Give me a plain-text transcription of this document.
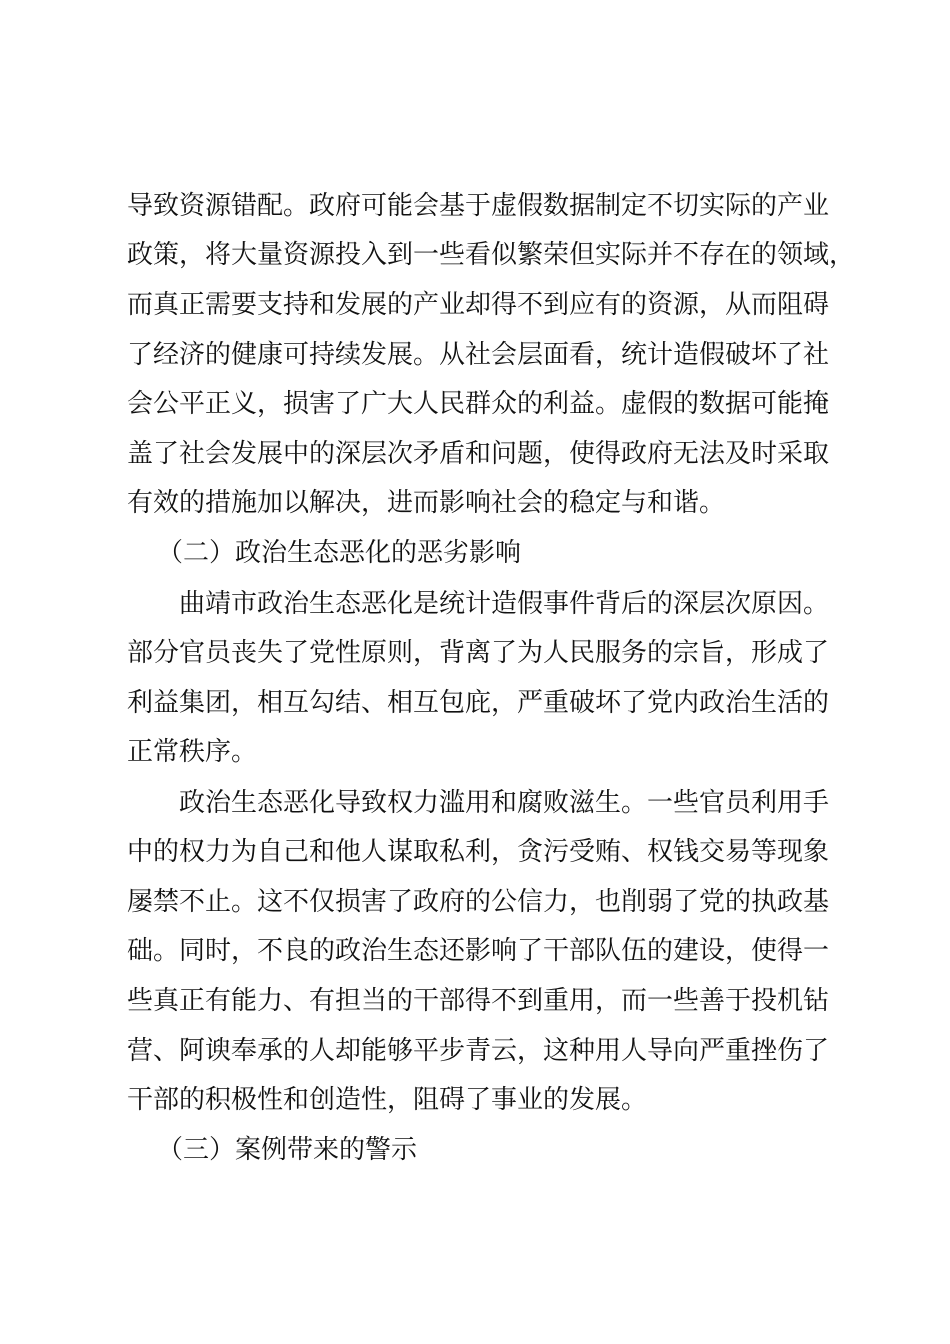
导致资源错配。政府可能会基于虚假数据制定不切实际的产业
政策，将大量资源投入到一些看似繁荣但实际并不存在的领域，
而真正需要支持和发展的产业却得不到应有的资源，从而阻碍
了经济的健康可持续发展。从社会层面看，统计造假破坏了社
会公平正义，损害了广大人民群众的利益。虚假的数据可能掩
盖了社会发展中的深层次矛盾和问题，使得政府无法及时采取
有效的措施加以解决，进而影响社会的稳定与和谐。
（二）政治生态恶化的恶劣影响
曲靖市政治生态恶化是统计造假事件背后的深层次原因。
部分官员丧失了党性原则，背离了为人民服务的宗旨，形成了
利益集团，相互勾结、相互包庇，严重破坏了党内政治生活的
正常秩序。
政治生态恶化导致权力滥用和腐败滋生。一些官员利用手
中的权力为自己和他人谋取私利，贪污受贿、权钱交易等现象
屡禁不止。这不仅损害了政府的公信力，也削弱了党的执政基
础。同时，不良的政治生态还影响了干部队伍的建设，使得一
些真正有能力、有担当的干部得不到重用，而一些善于投机钻
营、阿谀奉承的人却能够平步青云，这种用人导向严重挫伤了
干部的积极性和创造性，阻碍了事业的发展。
（三）案例带来的警示
